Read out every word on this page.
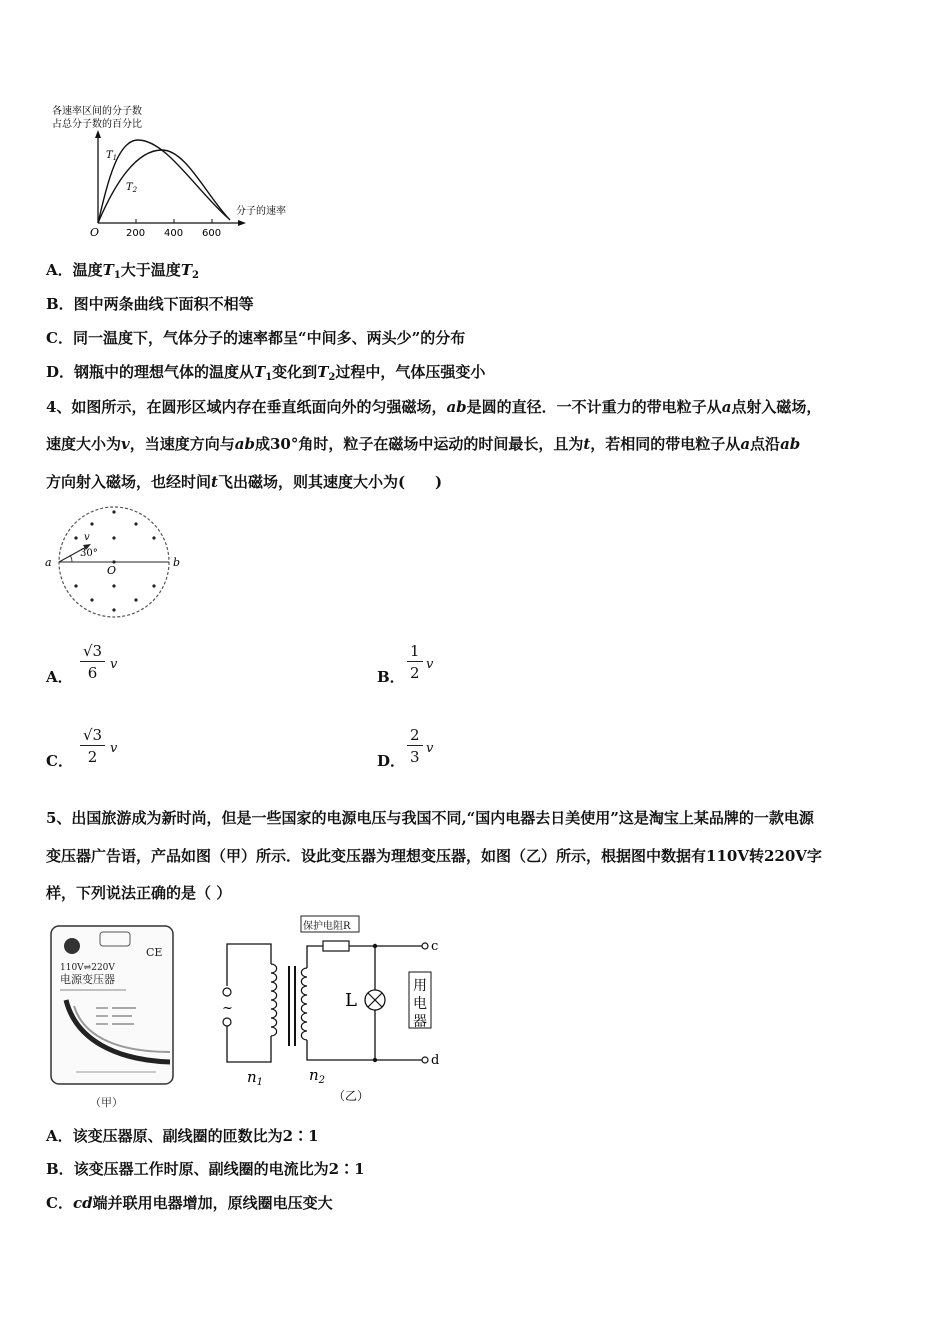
各速率区间的分子数
占总分子数的百分比
O	200 400 600
分子的速率
$T_1$
$T_2$
A．温度$T_1$大于温度$T_2$
B．图中两条曲线下面积不相等
C．同一温度下，气体分子的速率都呈“中间多、两头少”的分布
D．钢瓶中的理想气体的温度从$T_1$变化到$T_2$过程中，气体压强变小
4、如图所示，在圆形区域内存在垂直纸面向外的匀强磁场，ab是圆的直径．一不计重力的带电粒子从a点射入磁场，
速度大小为v，当速度方向与ab成30°角时，粒子在磁场中运动的时间最长，且为t，若相同的带电粒子从a点沿ab
方向射入磁场，也经时间t飞出磁场，则其速度大小为(　　)
a	b
O
v
30°
A． $\frac{√3}{6}$ v
B． $\frac{1}{2}$ v
C． $\frac{√3}{2}$ v
D． $\frac{2}{3}$ v
5、出国旅游成为新时尚，但是一些国家的电源电压与我国不同,“国内电器去日美使用”这是淘宝上某品牌的一款电源
变压器广告语，产品如图（甲）所示．设此变压器为理想变压器，如图（乙）所示，根据图中数据有110V转220V字
样，下列说法正确的是（ ）
CE
110V⇌220V
电源变压器
（甲）
保护电阻R
~	L
c
d
用
电
器
$n_1$	$n_2$
（乙）
A．该变压器原、副线圈的匝数比为2∶1
B．该变压器工作时原、副线圈的电流比为2∶1
C．cd端并联用电器增加，原线圈电压变大
